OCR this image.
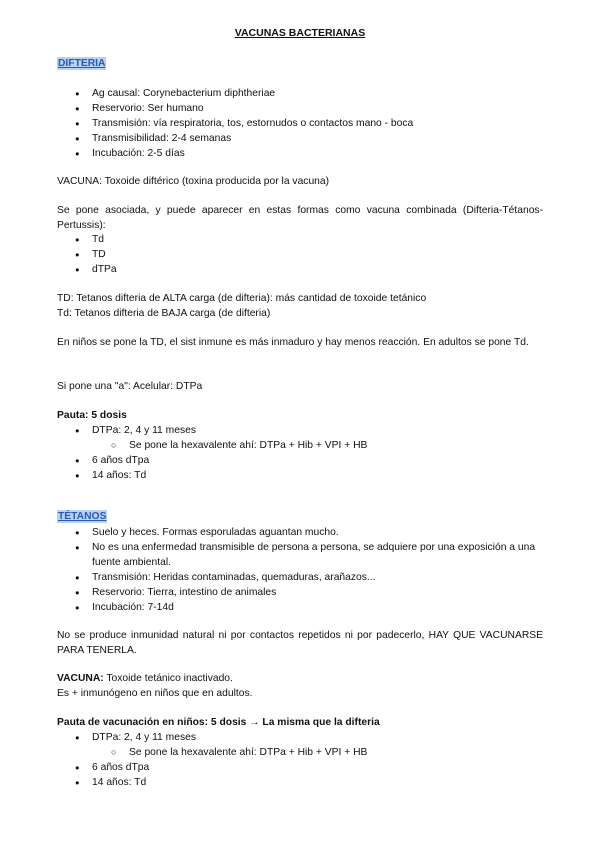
VACUNAS BACTERIANAS
DIFTERIA
● Ag causal: Corynebacterium diphtheriae
● Reservorio: Ser humano
● Transmisión: vía respiratoria, tos, estornudos o contactos mano - boca
● Transmisibilidad: 2-4 semanas
● Incubación: 2-5 días
VACUNA: Toxoide diftérico (toxina producida por la vacuna)
Se pone asociada, y puede aparecer en estas formas como vacuna combinada (Difteria-Tétanos-Pertussis):
● Td
● TD
● dTPa
TD: Tetanos difteria de ALTA carga (de difteria): más cantidad de toxoide tetánico
Td: Tetanos difteria de BAJA carga (de difteria)
En niños se pone la TD, el sist inmune es más inmaduro y hay menos reacción. En adultos se pone Td.
Si pone una "a": Acelular: DTPa
Pauta: 5 dosis
● DTPa: 2, 4 y 11 meses
○ Se pone la hexavalente ahí: DTPa + Hib + VPI + HB
● 6 años dTpa
● 14 años: Td
TÉTANOS
● Suelo y heces. Formas esporuladas aguantan mucho.
● No es una enfermedad transmisible de persona a persona, se adquiere por una exposición a una fuente ambiental.
● Transmisión: Heridas contaminadas, quemaduras, arañazos...
● Reservorio: Tierra, intestino de animales
● Incubación: 7-14d
No se produce inmunidad natural ni por contactos repetidos ni por padecerlo, HAY QUE VACUNARSE PARA TENERLA.
VACUNA: Toxoide tetánico inactivado.
Es + inmunógeno en niños que en adultos.
Pauta de vacunación en niños: 5 dosis → La misma que la difteria
● DTPa: 2, 4 y 11 meses
○ Se pone la hexavalente ahí: DTPa + Hib + VPI + HB
● 6 años dTpa
● 14 años: Td
